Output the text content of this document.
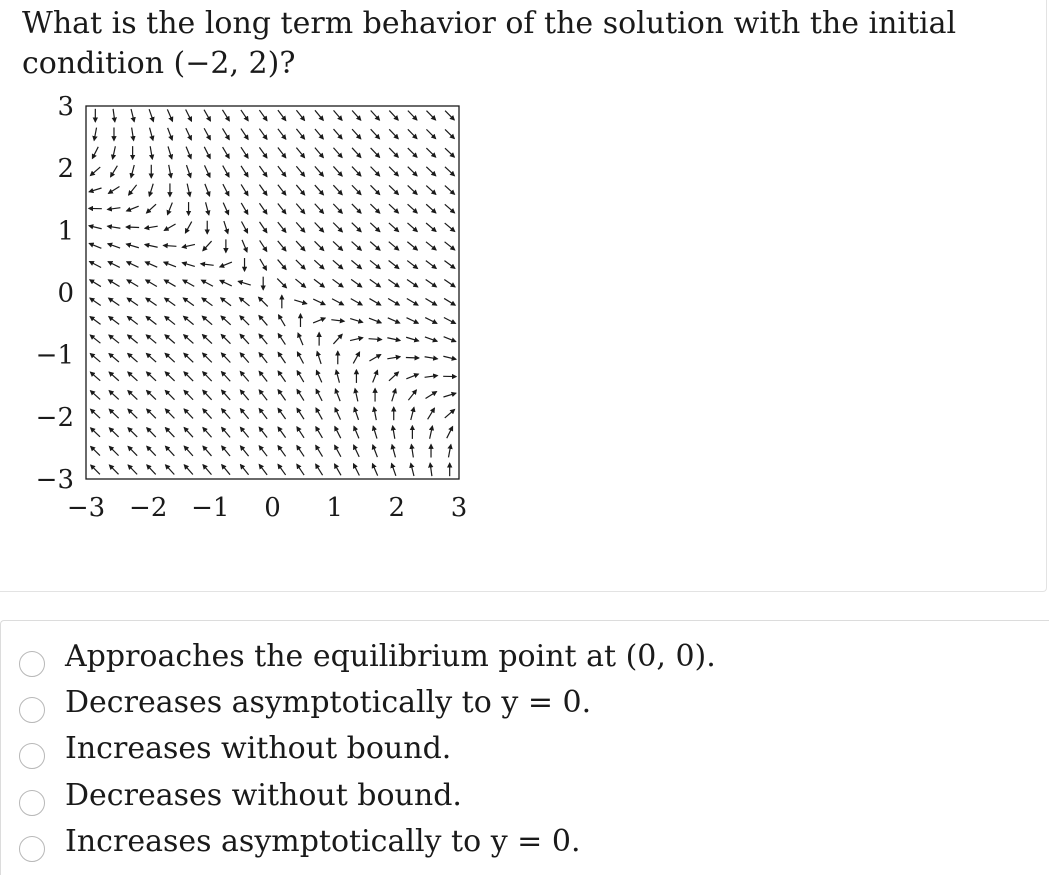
What is the long term behavior of the solution with the initial condition (−2, 2)?

3
2
1
0
−1
−2
−3
−3 −2 −1 0 1 2 3
Approaches the equilibrium point at (0, 0).
Decreases asymptotically to y = 0.
Increases without bound.
Decreases without bound.
Increases asymptotically to y = 0.
